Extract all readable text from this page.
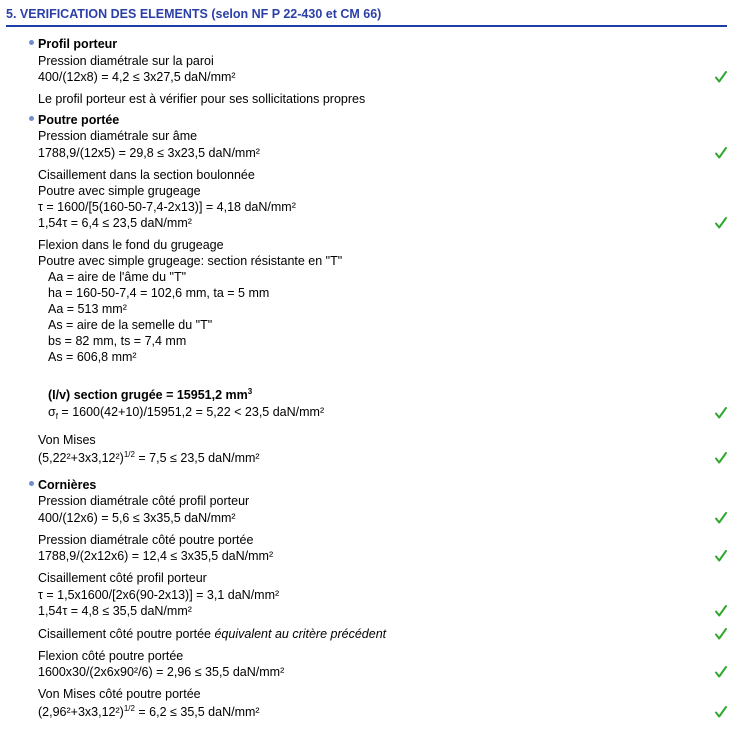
5. VERIFICATION DES ELEMENTS (selon NF P 22-430 et CM 66)
Profil porteur
Pression diamétrale sur la paroi
400/(12x8) = 4,2 ≤ 3x27,5 daN/mm²
Le profil porteur est à vérifier pour ses sollicitations propres
Poutre portée
Pression diamétrale sur âme
1788,9/(12x5) = 29,8 ≤ 3x23,5 daN/mm²
Cisaillement dans la section boulonnée
Poutre avec simple grugeage
τ = 1600/[5(160-50-7,4-2x13)] = 4,18 daN/mm²
1,54τ = 6,4 ≤ 23,5 daN/mm²
Flexion dans le fond du grugeage
Poutre avec simple grugeage: section résistante en "T"
Aa = aire de l'âme du "T"
ha = 160-50-7,4 = 102,6 mm, ta = 5 mm
Aa = 513 mm²
As = aire de la semelle du "T"
bs = 82 mm, ts = 7,4 mm
As = 606,8 mm²
(I/v) section grugée = 15951,2 $mm^3$
$\sigma_f = 1600(42+10)/15951,2 = 5,22 < 23,5$ daN/mm²
Von Mises
$(5,22^2+3x3,12^2)^{1/2} = 7,5 \le 23,5$ daN/mm²
Cornières
Pression diamétrale côté profil porteur
400/(12x6) = 5,6 ≤ 3x35,5 daN/mm²
Pression diamétrale côté poutre portée
1788,9/(2x12x6) = 12,4 ≤ 3x35,5 daN/mm²
Cisaillement côté profil porteur
τ = 1,5x1600/[2x6(90-2x13)] = 3,1 daN/mm²
1,54τ = 4,8 ≤ 35,5 daN/mm²
Cisaillement côté poutre portée équivalent au critère précédent
Flexion côté poutre portée
1600x30/(2x6x90²/6) = 2,96 ≤ 35,5 daN/mm²
Von Mises côté poutre portée
$(2,96^2+3x3,12^2)^{1/2} = 6,2 \le 35,5$ daN/mm²
